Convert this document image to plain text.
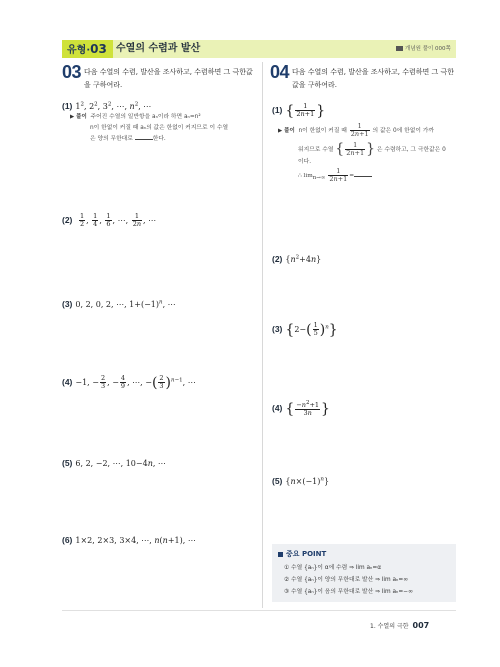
유형·03 수열의 수렴과 발산	개념원 풀이 000쪽
03 다음 수열의 수렴, 발산을 조사하고, 수렴하면 그 극한값을 구하여라.
(1) $1^2$, $2^2$, $3^2$, ⋯, $n^2$, ⋯
▶ 풀이 주어진 수열의 일반항을 aₙ이라 하면 aₙ=n²
n이 한없이 커질 때 aₙ의 값은 한없이 커지므로 이 수열
은 양의 무한대로	한다.
$(2) \frac{1}{2}$ , $\frac{1}{4}$ , $\frac{1}{6}$ , ⋯, $\frac{1}{2n}$ , ⋯
(3) 0, 2, 0, 2, ⋯, $1+(-1)^n$, ⋯
(4) −1, − $\frac{2}{3}$ , − $\frac{4}{9}$ , ⋯, −( $\frac{2}{3} )^{n-1}$, ⋯
(5) 6, 2, −2, ⋯, 10−4n, ⋯
(6) 1×2, 2×3, 3×4, ⋯, n(n+1), ⋯
04 다음 수열의 수렴, 발산을 조사하고, 수렴하면 그 극한값을 구하여라.
(1) { $\frac{1}{2n+1}$ }
▶ 풀이 n이 한없이 커질 때 $\frac{1}{2n+1}$ 의 값은 0에 한없이 가까
워지므로 수열 { $\frac{1}{2n+1}$ } 은 수렴하고, 그 극한값은 0
이다.
∴ $\lim_{n\to\infty} \frac{1}{2n+1}$ =
(2) $\{n^2+4n\}$
(3) $\{2-( \frac{1}{5} )^n\}$
(4) { $\frac{-n^2+1}{3n}$ }
(5) $\{n\times(-1)^n\}$
중요 POINT
① 수열 {aₙ}이 α에 수렴 ⇒ lim aₙ=α
② 수열 {aₙ}이 양의 무한대로 발산 ⇒ lim aₙ=∞
③ 수열 {aₙ}이 음의 무한대로 발산 ⇒ lim aₙ=−∞
1. 수열의 극한 007
